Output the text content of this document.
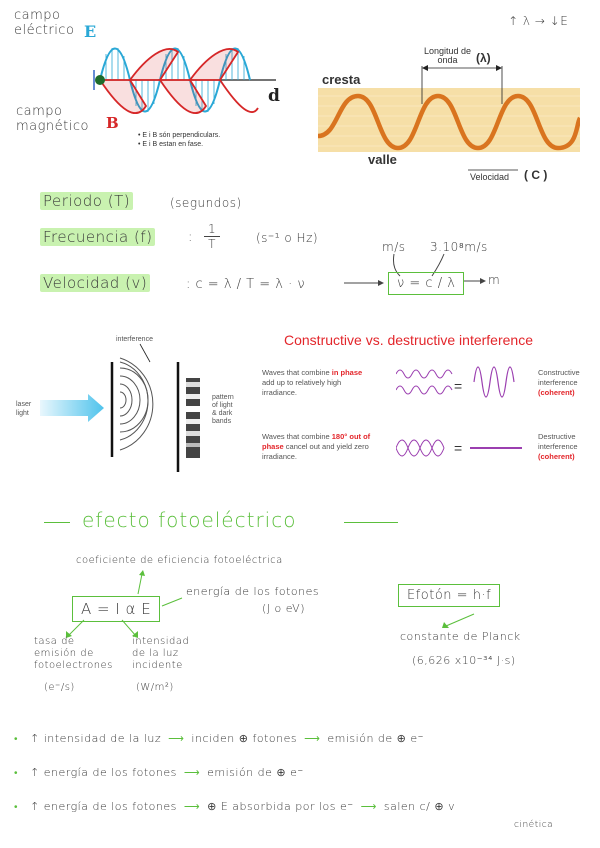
campo
eléctrico E
campo
magnético B
d
• E i B són perpendiculars.
• E i B estan en fase.
↑ λ → ↓E
Longitud de
onda	(λ)
cresta
valle
Velocidad ( C )
Periodo (T)	(segundos)
Frecuencia (f)	: $\frac{1}{T}$	(s⁻¹ o Hz)
m/s 3.10⁸m/s
Velocidad (v)	: c = λ / T = λ · ν	ν = c / λ	m
laser
light
interference
pattern
of light
& dark
bands
Constructive vs. destructive interference
Waves that combine in phase add up to relatively high irradiance.	=
Constructive interference (coherent)
Waves that combine 180° out of phase cancel out and yield zero irradiance.
=
Destructive interference (coherent)
efecto fotoeléctrico
coeficiente de eficiencia fotoeléctrica
A = I α E
energía de los fotones
(J o eV)
tasa de
emisión de
fotoelectrones
(e⁻/s)
intensidad
de la luz
incidente
(W/m²)
Efotón = h·f
constante de Planck
(6,626 x10⁻³⁴ J·s)
• ↑ intensidad de la luz ⟶ inciden ⊕ fotones ⟶ emisión de ⊕ e⁻
• ↑ energía de los fotones ⟶ emisión de ⊕ e⁻
• ↑ energía de los fotones ⟶ ⊕ E absorbida por los e⁻ ⟶ salen c/ ⊕ v
cinética
